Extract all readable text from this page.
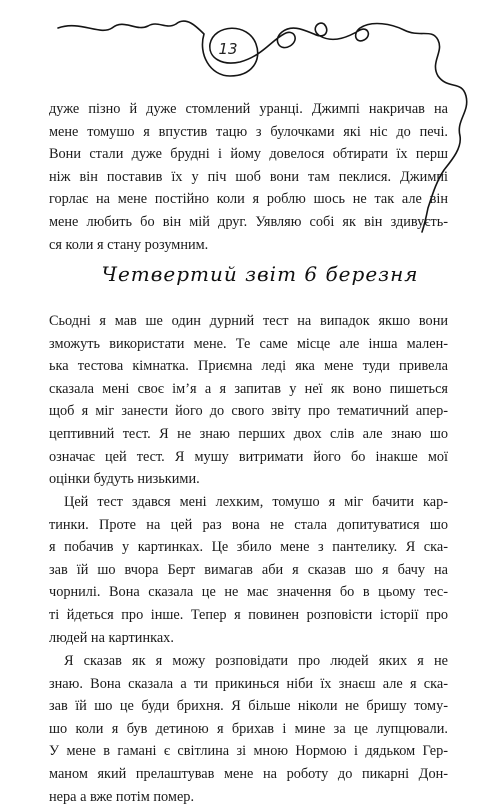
13
дуже пізно й дуже стомлений уранці. Джимпі накричав на
мене томушо я впустив тацю з булочками які ніс до печі.
Вони стали дуже брудні і йому довелося обтирати їх перш
ніж він поставив їх у піч шоб вони там пеклися. Джимпі
горлає на мене постійно коли я роблю шось не так але він
мене любить бо він мій друг. Уявляю собі як він здивуєть-
ся коли я стану розумним.
Четвертий звіт 6 березня
Сьодні я мав ше один дурний тест на випадок якшо вони
зможуть використати мене. Те саме місце але інша мален-
ька тестова кімнатка. Приємна леді яка мене туди привела
сказала мені своє ім’я а я запитав у неї як воно пишеться
щоб я міг занести його до свого звіту про тематичний апер-
цептивний тест. Я не знаю перших двох слів але знаю шо
означає цей тест. Я мушу витримати його бо інакше мої
оцінки будуть низькими.
Цей тест здався мені лехким, томушо я міг бачити кар-
тинки. Проте на цей раз вона не стала допитуватися шо
я побачив у картинках. Це збило мене з пантелику. Я ска-
зав їй шо вчора Берт вимагав аби я сказав шо я бачу на
чорнилі. Вона сказала це не має значення бо в цьому тес-
ті йдеться про інше. Тепер я повинен розповісти історії про
людей на картинках.
Я сказав як я можу розповідати про людей яких я не
знаю. Вона сказала а ти прикинься ніби їх знаєш але я ска-
зав їй шо це буди брихня. Я більше ніколи не бришу тому-
шо коли я був детиною я брихав і мине за це лупцювали.
У мене в гамані є світлина зі мною Нормою і дядьком Гер-
маном який прелаштував мене на роботу до пикарні Дон-
нера а вже потім помер.
